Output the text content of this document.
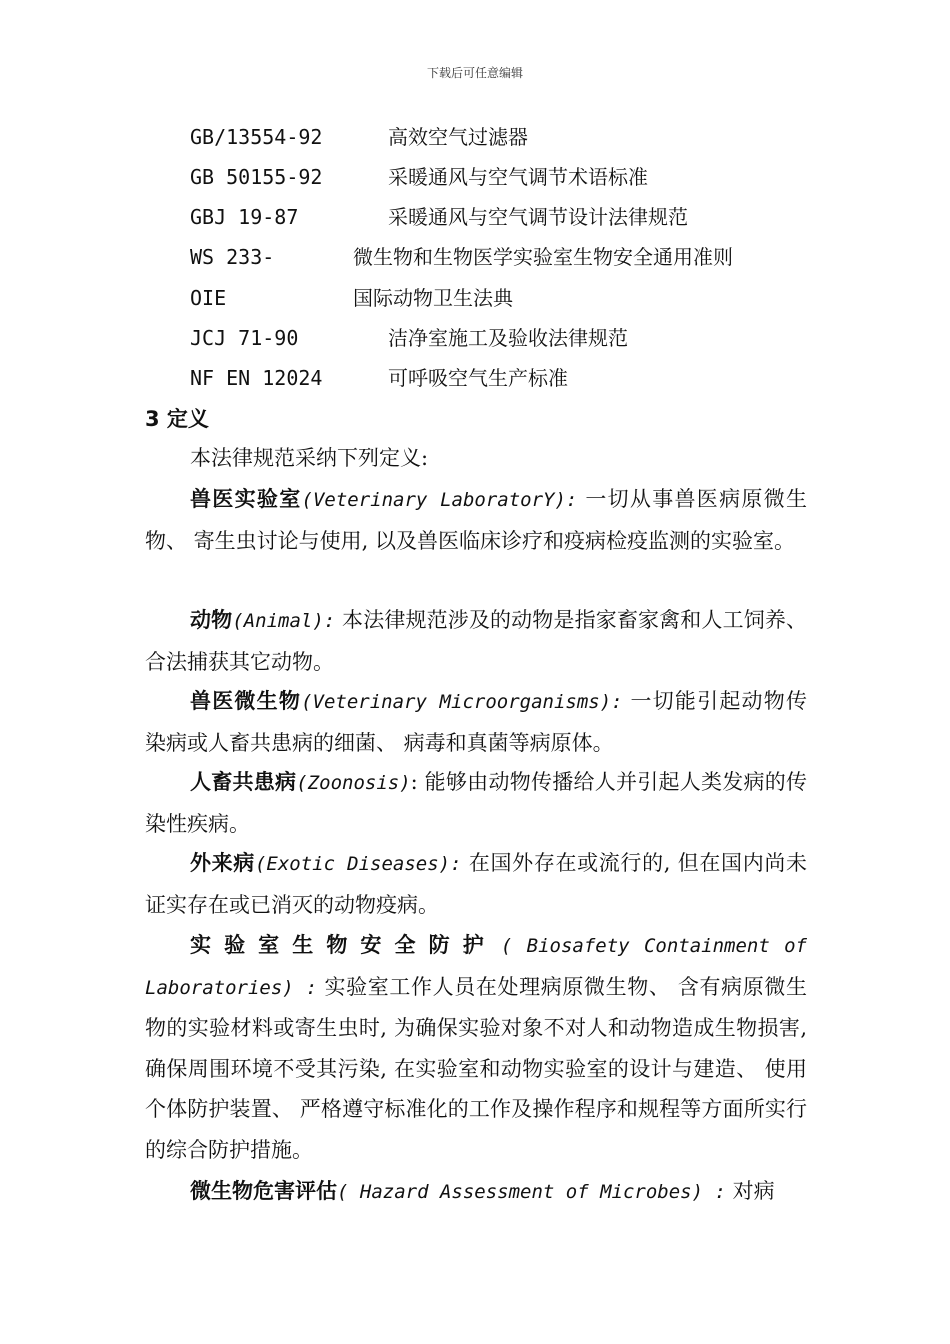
下载后可任意编辑
GB/13554-92	高效空气过滤器
GB 50155-92	采暖通风与空气调节术语标准
GBJ 19-87	采暖通风与空气调节设计法律规范
WS 233-	微生物和生物医学实验室生物安全通用准则
OIE	国际动物卫生法典
JCJ 71-90	洁净室施工及验收法律规范
NF EN 12024	可呼吸空气生产标准
3 定义

本法律规范采纳下列定义:

兽医实验室(Veterinary LaboratorY): 一切从事兽医病原微生物、 寄生虫讨论与使用, 以及兽医临床诊疗和疫病检疫监测的实验室。

动物(Animal): 本法律规范涉及的动物是指家畜家禽和人工饲养、 合法捕获其它动物。

兽医微生物(Veterinary Microorganisms): 一切能引起动物传染病或人畜共患病的细菌、 病毒和真菌等病原体。

人畜共患病(Zoonosis): 能够由动物传播给人并引起人类发病的传染性疾病。

外来病(Exotic Diseases): 在国外存在或流行的, 但在国内尚未证实存在或已消灭的动物疫病。

实 验 室 生 物 安 全 防 护 ( Biosafety Containment of Laboratories) : 实验室工作人员在处理病原微生物、 含有病原微生物的实验材料或寄生虫时, 为确保实验对象不对人和动物造成生物损害, 确保周围环境不受其污染, 在实验室和动物实验室的设计与建造、 使用个体防护装置、 严格遵守标准化的工作及操作程序和规程等方面所实行的综合防护措施。

微生物危害评估( Hazard Assessment of Microbes) : 对病
